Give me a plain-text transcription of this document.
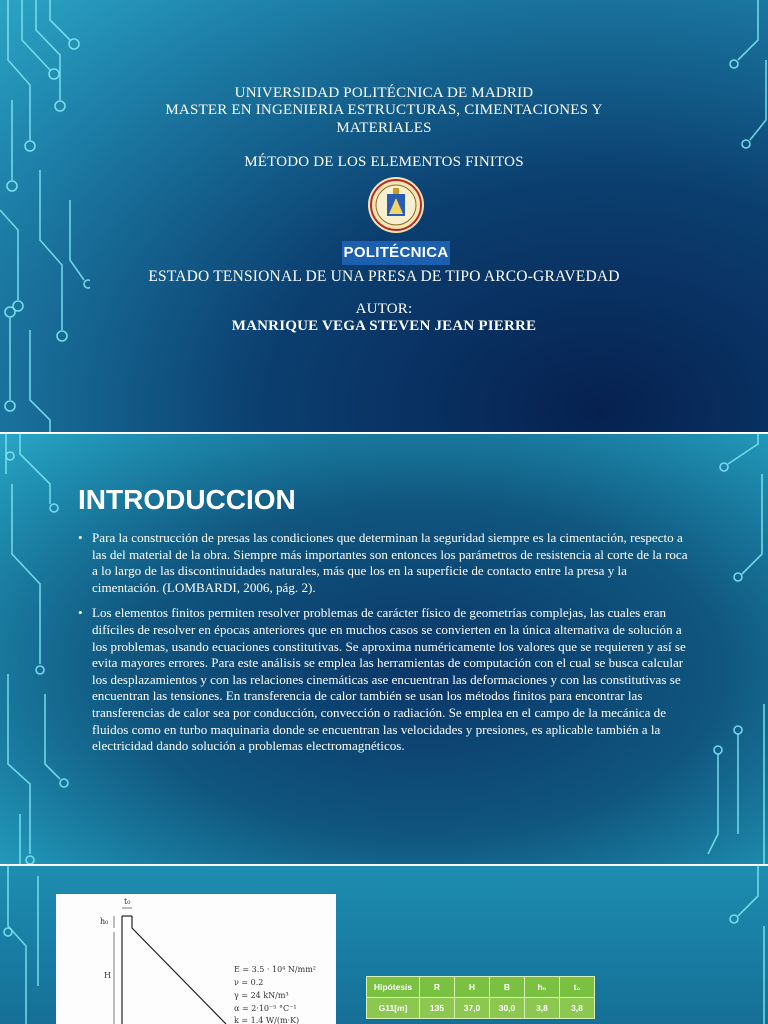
UNIVERSIDAD POLITÉCNICA DE MADRID
MASTER EN INGENIERIA ESTRUCTURAS, CIMENTACIONES Y
MATERIALES
MÉTODO DE LOS ELEMENTOS FINITOS
POLITÉCNICA
ESTADO TENSIONAL DE UNA PRESA DE TIPO ARCO-GRAVEDAD
AUTOR:
MANRIQUE VEGA STEVEN JEAN PIERRE
INTRODUCCION
• Para la construcción de presas las condiciones que determinan la seguridad siempre es la cimentación, respecto a las del material de la obra. Siempre más importantes son entonces los parámetros de resistencia al corte de la roca a lo largo de las discontinuidades naturales, más que los en la superficie de contacto entre la presa y la cimentación. (LOMBARDI, 2006, pág. 2).
• Los elementos finitos permiten resolver problemas de carácter físico de geometrías complejas, las cuales eran difíciles de resolver en épocas anteriores que en muchos casos se convierten en la única alternativa de solución a los problemas, usando ecuaciones constitutivas. Se aproxima numéricamente los valores que se requieren y así se evita mayores errores. Para este análisis se emplea las herramientas de computación con el cual se busca calcular los desplazamientos y con las relaciones cinemáticas ase encuentran las deformaciones y con las constitutivas se encuentran las tensiones. En transferencia de calor también se usan los métodos finitos para encontrar las transferencias de calor sea por conducción, convección o radiación. Se emplea en el campo de la mecánica de fluidos como en turbo maquinaria donde se encuentran las velocidades y presiones, es aplicable también a la electricidad dando solución a problemas electromagnéticos.
t₀
h₀
H
E = 3.5 · 10⁴ N/mm²
ν = 0.2
γ = 24 kN/m³
α = 2·10⁻⁵ °C⁻¹
k = 1.4 W/(m·K)
Hipótesis	R	H	B	h₀	t₀
G11[m]	135	37,0	30,0	3,8	3,8
